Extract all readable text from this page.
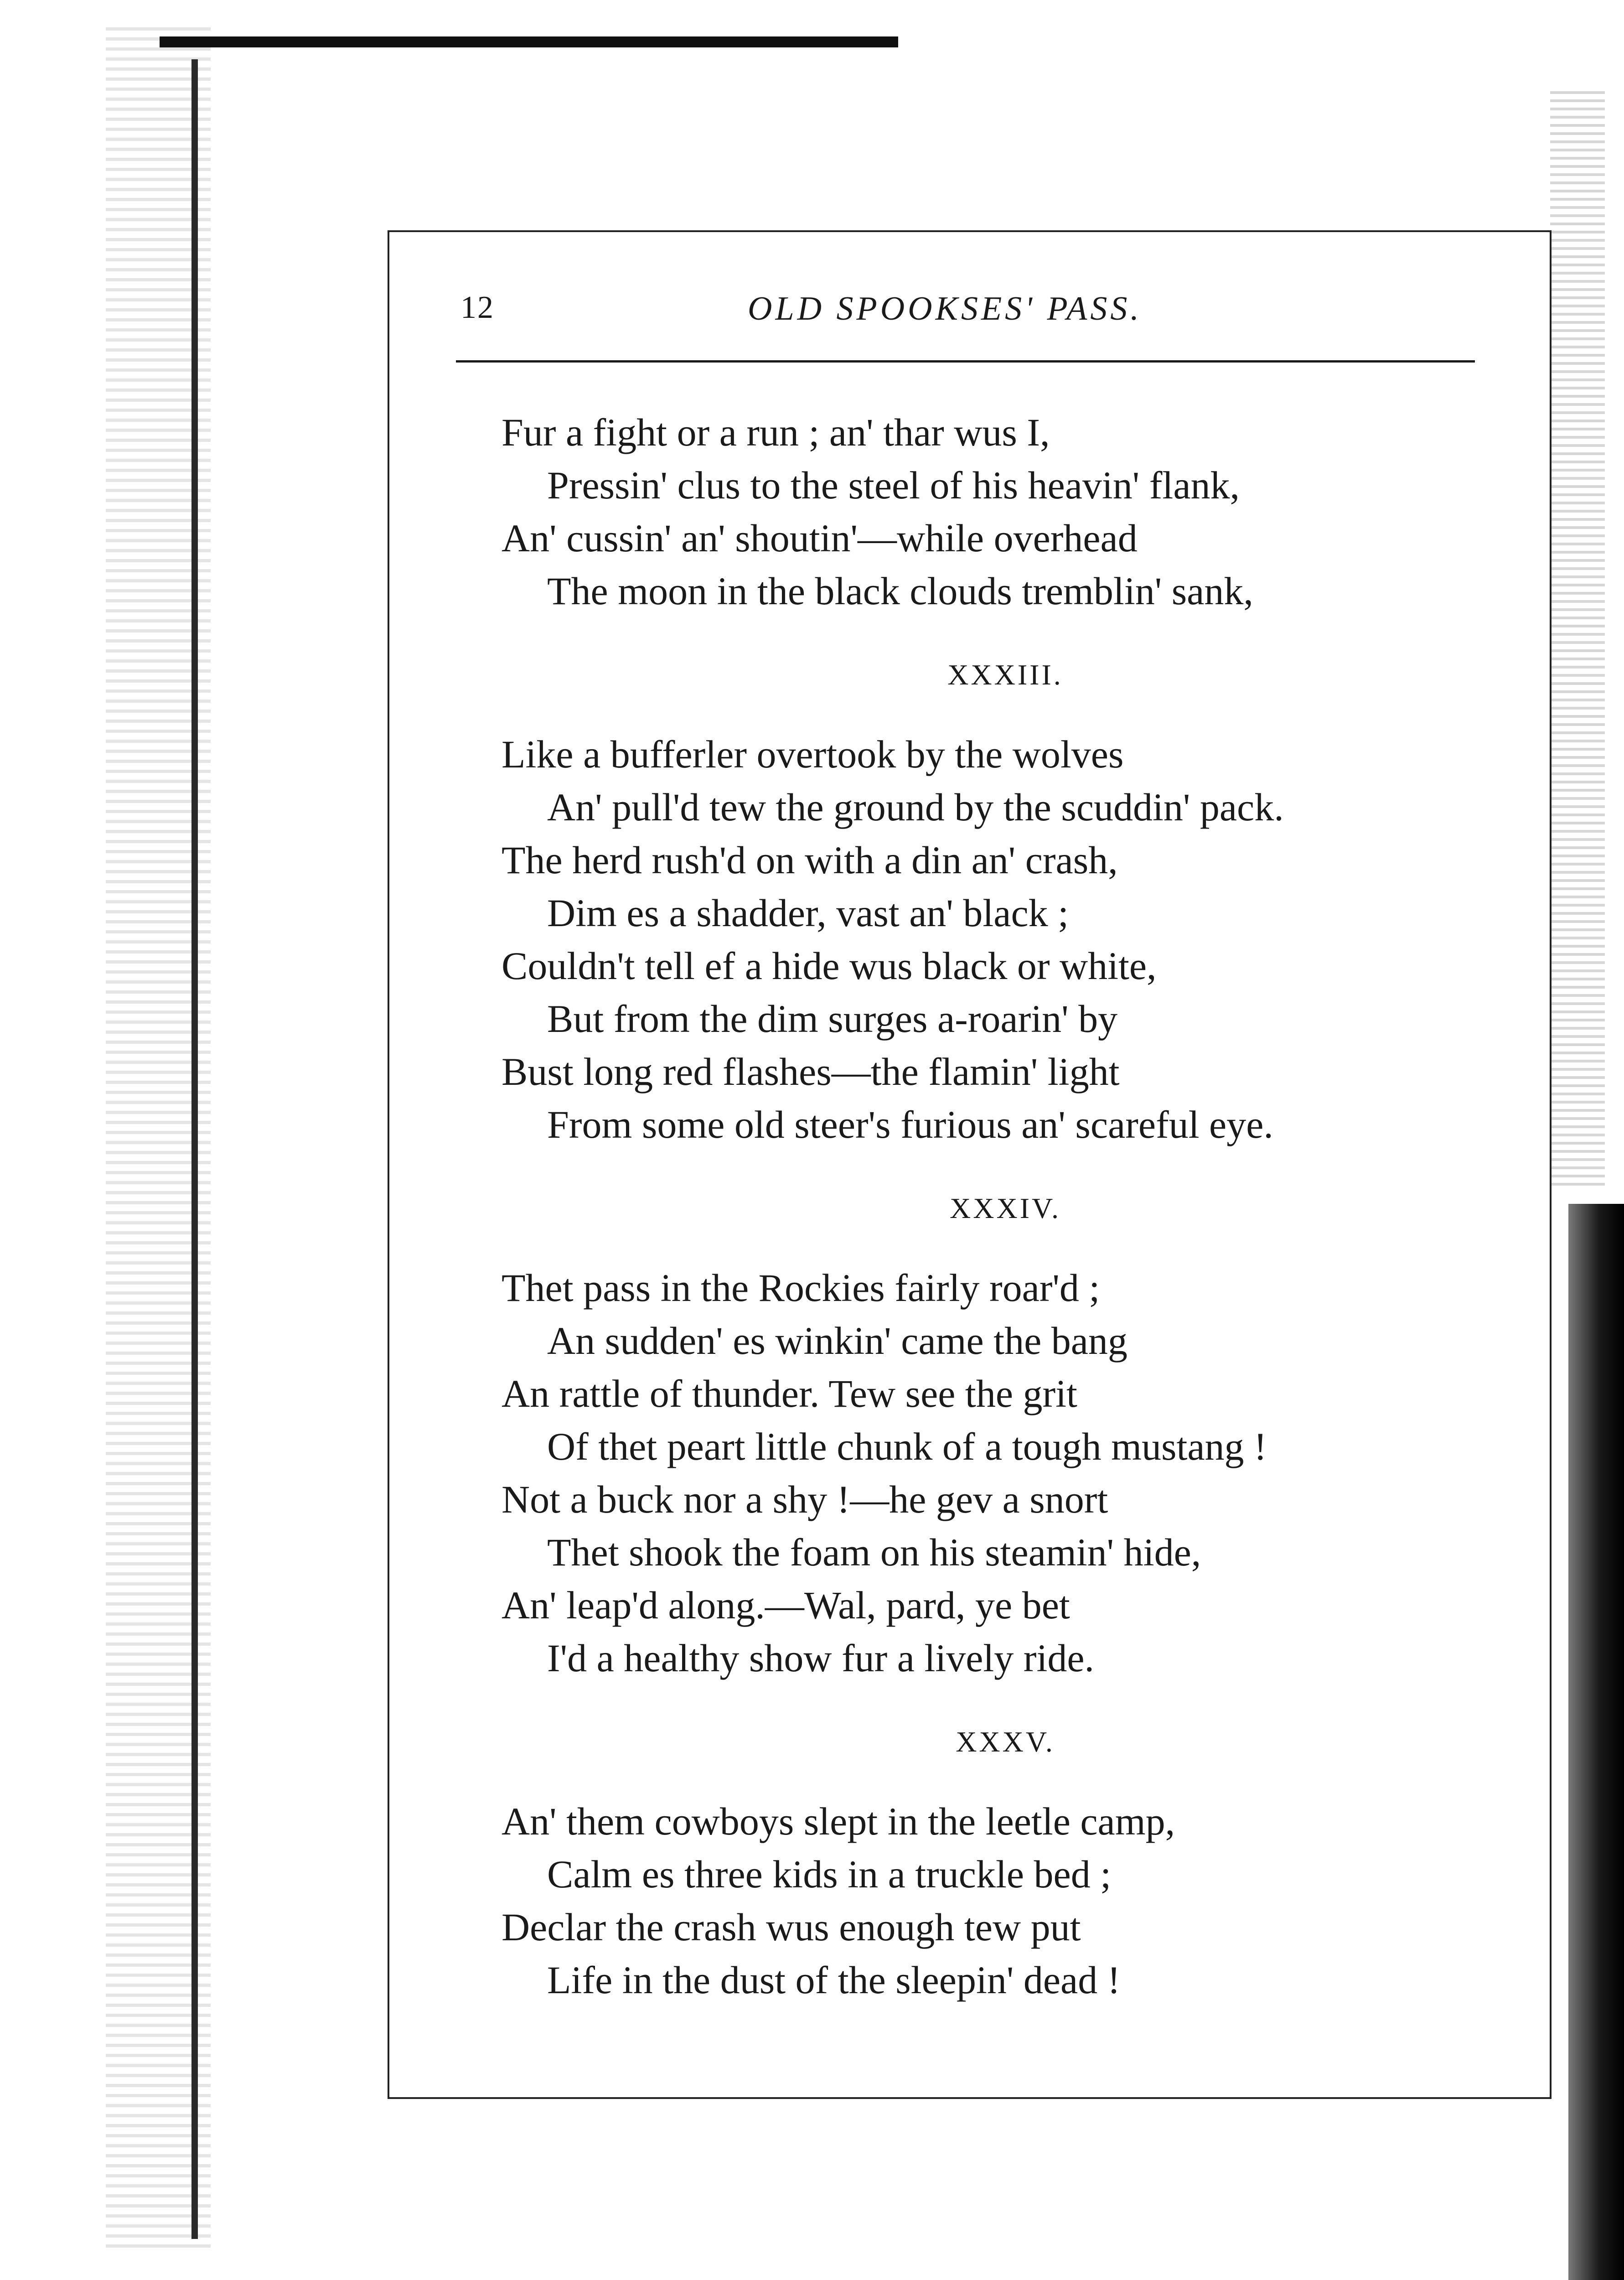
12	OLD SPOOKSES' PASS.
Fur a fight or a run ; an' thar wus I,
Pressin' clus to the steel of his heavin' flank,
An' cussin' an' shoutin'—while overhead
The moon in the black clouds tremblin' sank,
XXXIII.
Like a bufferler overtook by the wolves
An' pull'd tew the ground by the scuddin' pack.
The herd rush'd on with a din an' crash,
Dim es a shadder, vast an' black ;
Couldn't tell ef a hide wus black or white,
But from the dim surges a-roarin' by
Bust long red flashes—the flamin' light
From some old steer's furious an' scareful eye.
XXXIV.
Thet pass in the Rockies fairly roar'd ;
An sudden' es winkin' came the bang
An rattle of thunder. Tew see the grit
Of thet peart little chunk of a tough mustang !
Not a buck nor a shy !—he gev a snort
Thet shook the foam on his steamin' hide,
An' leap'd along.—Wal, pard, ye bet
I'd a healthy show fur a lively ride.
XXXV.
An' them cowboys slept in the leetle camp,
Calm es three kids in a truckle bed ;
Declar the crash wus enough tew put
Life in the dust of the sleepin' dead !
